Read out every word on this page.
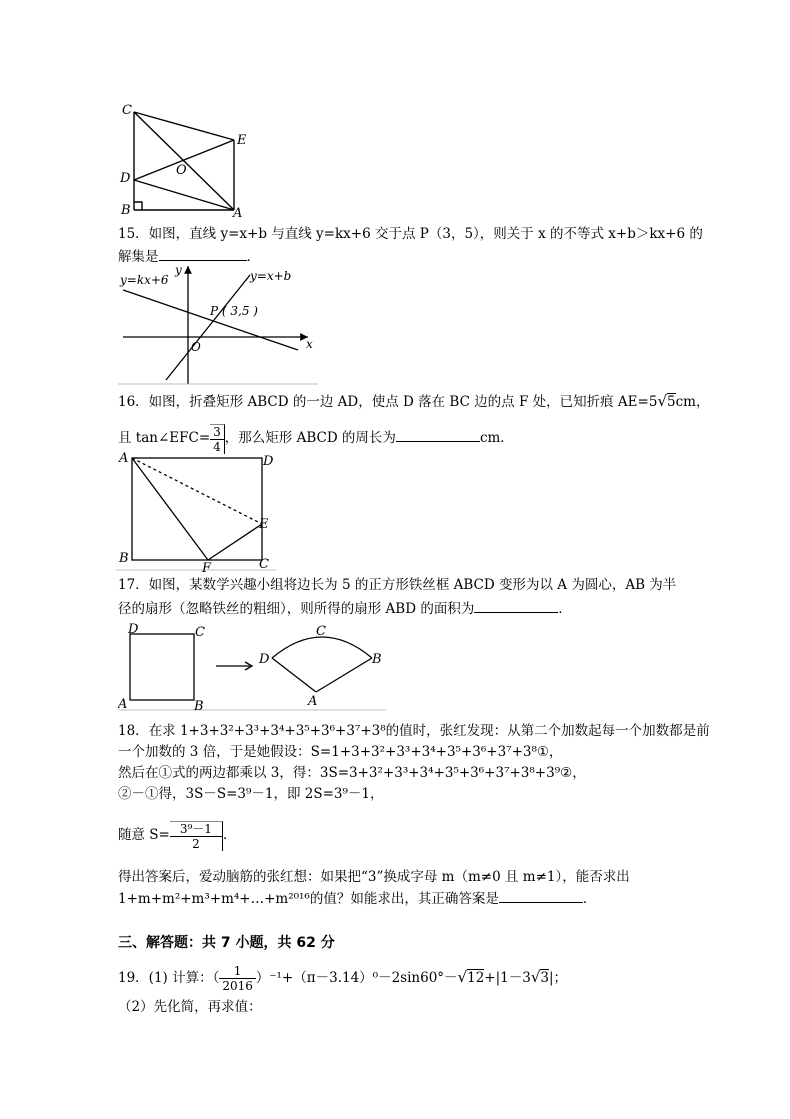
C
E
O
D
B	A
15．如图，直线 y=x+b 与直线 y=kx+6 交于点 P（3，5），则关于 x 的不等式 x+b＞kx+6 的
解集是	．
y=kx+6	y=x+b
y
x
O
P ( 3,5 )
16．如图，折叠矩形 ABCD 的一边 AD，使点 D 落在 BC 边的点 F 处，已知折痕 AE=5√5cm，
且 tan∠EFC= $\frac{3}{4}$ ，那么矩形 ABCD 的周长为	cm．
A	D
E
B
F	C
17．如图，某数学兴趣小组将边长为 5 的正方形铁丝框 ABCD 变形为以 A 为圆心，AB 为半
径的扇形（忽略铁丝的粗细），则所得的扇形 ABD 的面积为	．
D	C
A	B
C
D	B
A
18．在求 1+3+3²+3³+3⁴+3⁵+3⁶+3⁷+3⁸的值时，张红发现：从第二个加数起每一个加数都是前
一个加数的 3 倍，于是她假设：S=1+3+3²+3³+3⁴+3⁵+3⁶+3⁷+3⁸①，
然后在①式的两边都乘以 3，得：3S=3+3²+3³+3⁴+3⁵+3⁶+3⁷+3⁸+3⁹②，
②－①得，3S－S=3⁹－1，即 2S=3⁹－1，
随意 $S= \frac{\text{3⁹－1}}{2}$ ．
得出答案后，爱动脑筋的张红想：如果把“3”换成字母 m（m≠0 且 m≠1），能否求出
1+m+m²+m³+m⁴+…+m²⁰¹⁶的值？如能求出，其正确答案是	．
三、解答题：共 7 小题，共 62 分
19．(1) 计算：（ $\frac{1}{2016} )^{-1}+(\pi-3.14)^0-2\sin 60^\circ-√12+|1-3√3|$；
（2）先化简，再求值：
